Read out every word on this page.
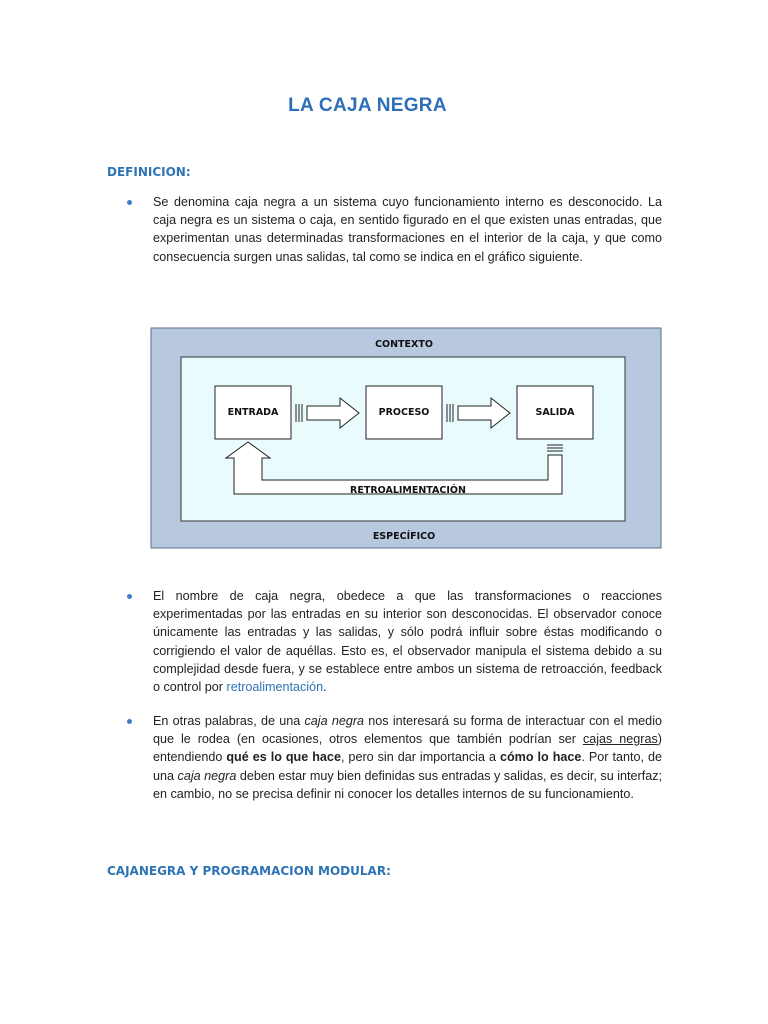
LA CAJA NEGRA
DEFINICION:
Se denomina caja negra a un sistema cuyo funcionamiento interno es desconocido. La caja negra es un sistema o caja, en sentido figurado en el que existen unas entradas, que experimentan unas determinadas transformaciones en el interior de la caja, y que como consecuencia surgen unas salidas, tal como se indica en el gráfico siguiente.
CONTEXTO
ESPECÍFICO
ENTRADA	PROCESO	SALIDA
RETROALIMENTACIÓN
El nombre de caja negra, obedece a que las transformaciones o reacciones experimentadas por las entradas en su interior son desconocidas. El observador conoce únicamente las entradas y las salidas, y sólo podrá influir sobre éstas modificando o corrigiendo el valor de aquéllas. Esto es, el observador manipula el sistema debido a su complejidad desde fuera, y se establece entre ambos un sistema de retroacción, feedback o control por retroalimentación.
En otras palabras, de una caja negra nos interesará su forma de interactuar con el medio que le rodea (en ocasiones, otros elementos que también podrían ser cajas negras) entendiendo qué es lo que hace, pero sin dar importancia a cómo lo hace. Por tanto, de una caja negra deben estar muy bien definidas sus entradas y salidas, es decir, su interfaz; en cambio, no se precisa definir ni conocer los detalles internos de su funcionamiento.
CAJANEGRA Y PROGRAMACION MODULAR:
